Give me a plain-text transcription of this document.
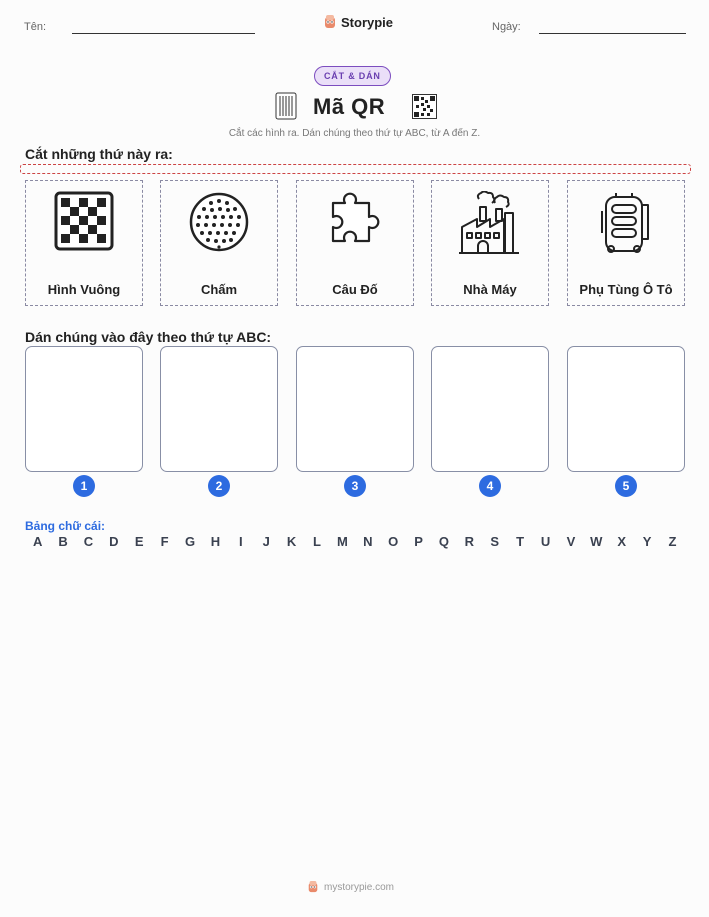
Tên:	Storypie	Ngày:
CẮT & DÁN
Mã QR
Cắt các hình ra. Dán chúng theo thứ tự ABC, từ A đến Z.
Cắt những thứ này ra:
Hình Vuông	Chấm	Câu Đố	Nhà Máy	Phụ Tùng Ô Tô
Dán chúng vào đây theo thứ tự ABC:
1	2	3	4	5
Bảng chữ cái:
A	B	C	D	E	F	G	H	I	J	K	L	M	N	O	P	Q	R	S	T	U	V	W	X	Y	Z
mystorypie.com
